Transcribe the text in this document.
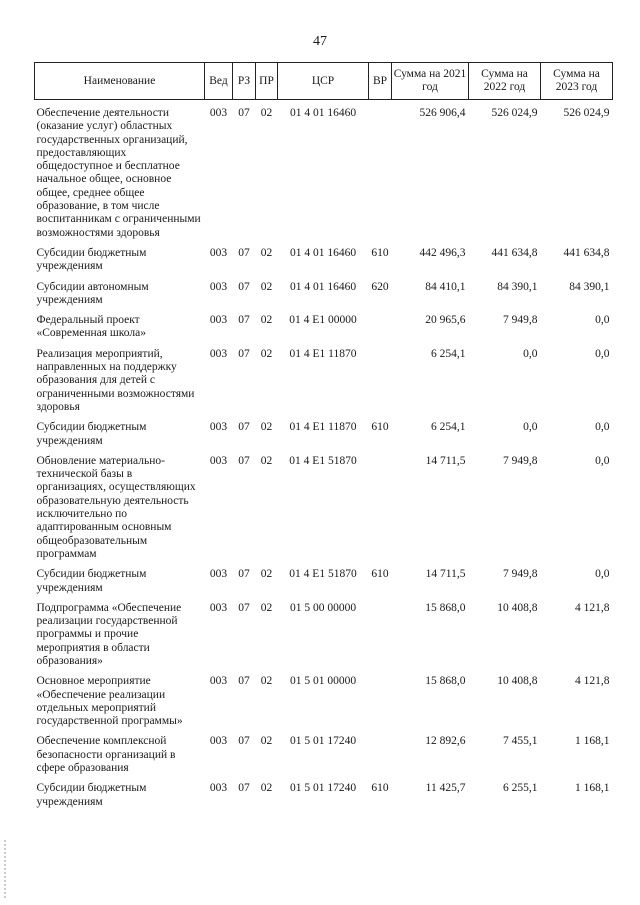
47
Наименование	Вед	РЗ	ПР	ЦСР	ВР	Сумма на 2021 год	Сумма на 2022 год	Сумма на 2023 год
Обеспечение деятельности (оказание услуг) областных государственных организаций, предоставляющих общедоступное и бесплатное начальное общее, основное общее, среднее общее образование, в том числе воспитанникам с ограниченными возможностями здоровья	003	07	02	01 4 01 16460		526 906,4	526 024,9	526 024,9
Субсидии бюджетным учреждениям	003	07	02	01 4 01 16460	610	442 496,3	441 634,8	441 634,8
Субсидии автономным учреждениям	003	07	02	01 4 01 16460	620	84 410,1	84 390,1	84 390,1
Федеральный проект «Современная школа»	003	07	02	01 4 E1 00000		20 965,6	7 949,8	0,0
Реализация мероприятий, направленных на поддержку образования для детей с ограниченными возможностями здоровья	003	07	02	01 4 E1 11870		6 254,1	0,0	0,0
Субсидии бюджетным учреждениям	003	07	02	01 4 E1 11870	610	6 254,1	0,0	0,0
Обновление материально-технической базы в организациях, осуществляющих образовательную деятельность исключительно по адаптированным основным общеобразовательным программам	003	07	02	01 4 E1 51870		14 711,5	7 949,8	0,0
Субсидии бюджетным учреждениям	003	07	02	01 4 E1 51870	610	14 711,5	7 949,8	0,0
Подпрограмма «Обеспечение реализации государственной программы и прочие мероприятия в области образования»	003	07	02	01 5 00 00000		15 868,0	10 408,8	4 121,8
Основное мероприятие «Обеспечение реализации отдельных мероприятий государственной программы»	003	07	02	01 5 01 00000		15 868,0	10 408,8	4 121,8
Обеспечение комплексной безопасности организаций в сфере образования	003	07	02	01 5 01 17240		12 892,6	7 455,1	1 168,1
Субсидии бюджетным учреждениям	003	07	02	01 5 01 17240	610	11 425,7	6 255,1	1 168,1
